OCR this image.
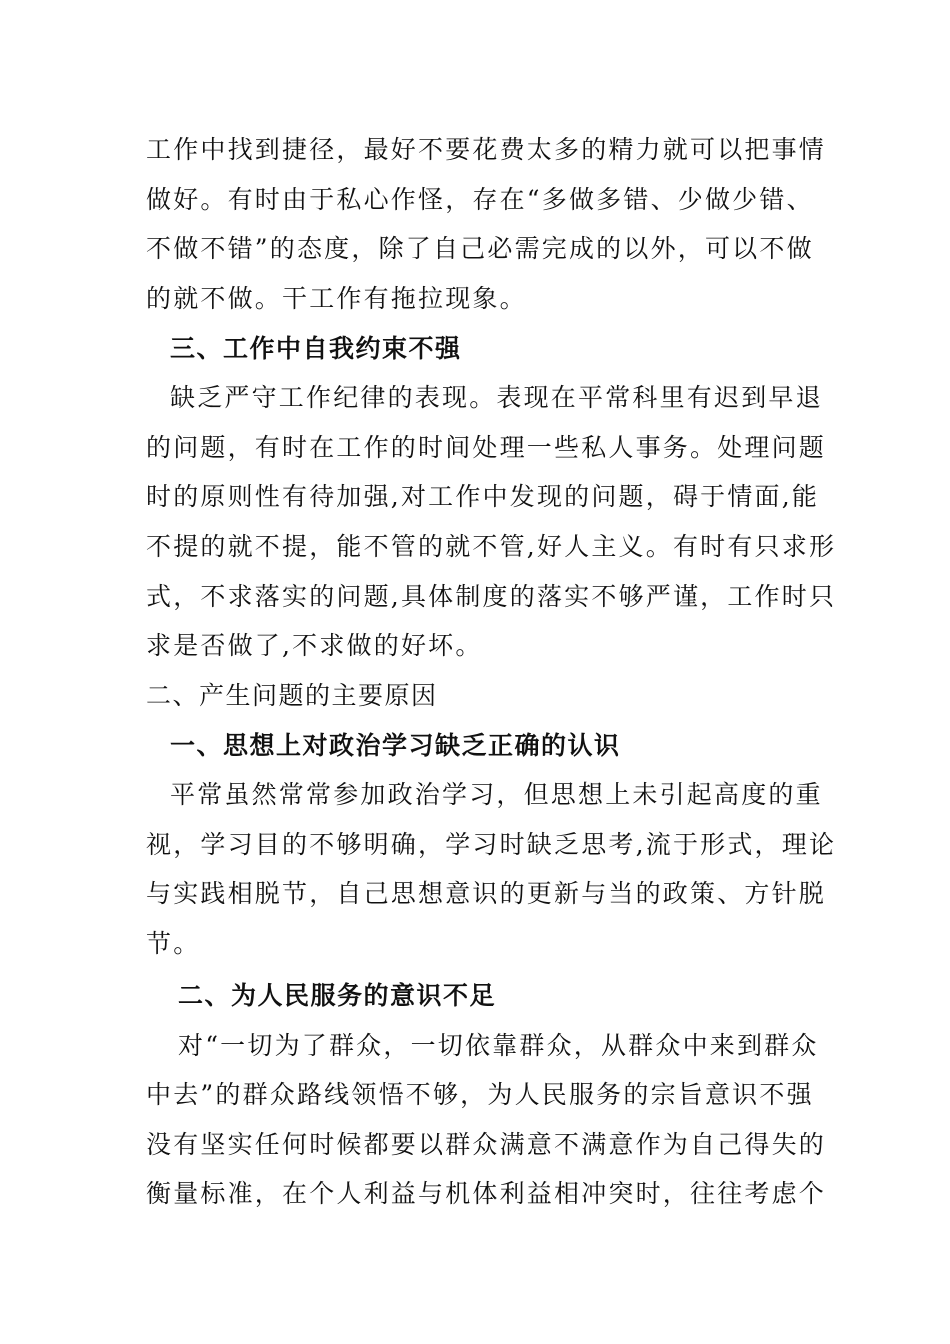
工作中找到捷径，最好不要花费太多的精力就可以把事情
做好。有时由于私心作怪，存在“多做多错、少做少错、
不做不错”的态度，除了自己必需完成的以外，可以不做
的就不做。干工作有拖拉现象。
三、工作中自我约束不强
缺乏严守工作纪律的表现。表现在平常科里有迟到早退
的问题，有时在工作的时间处理一些私人事务。处理问题
时的原则性有待加强,对工作中发现的问题，碍于情面,能
不提的就不提，能不管的就不管,好人主义。有时有只求形
式，不求落实的问题,具体制度的落实不够严谨，工作时只
求是否做了,不求做的好坏。
二、产生问题的主要原因
一、思想上对政治学习缺乏正确的认识
平常虽然常常参加政治学习，但思想上未引起高度的重
视，学习目的不够明确，学习时缺乏思考,流于形式，理论
与实践相脱节，自己思想意识的更新与当的政策、方针脱
节。
二、为人民服务的意识不足
对“一切为了群众，一切依靠群众，从群众中来到群众
中去”的群众路线领悟不够，为人民服务的宗旨意识不强
没有坚实任何时候都要以群众满意不满意作为自己得失的
衡量标准，在个人利益与机体利益相冲突时，往往考虑个
